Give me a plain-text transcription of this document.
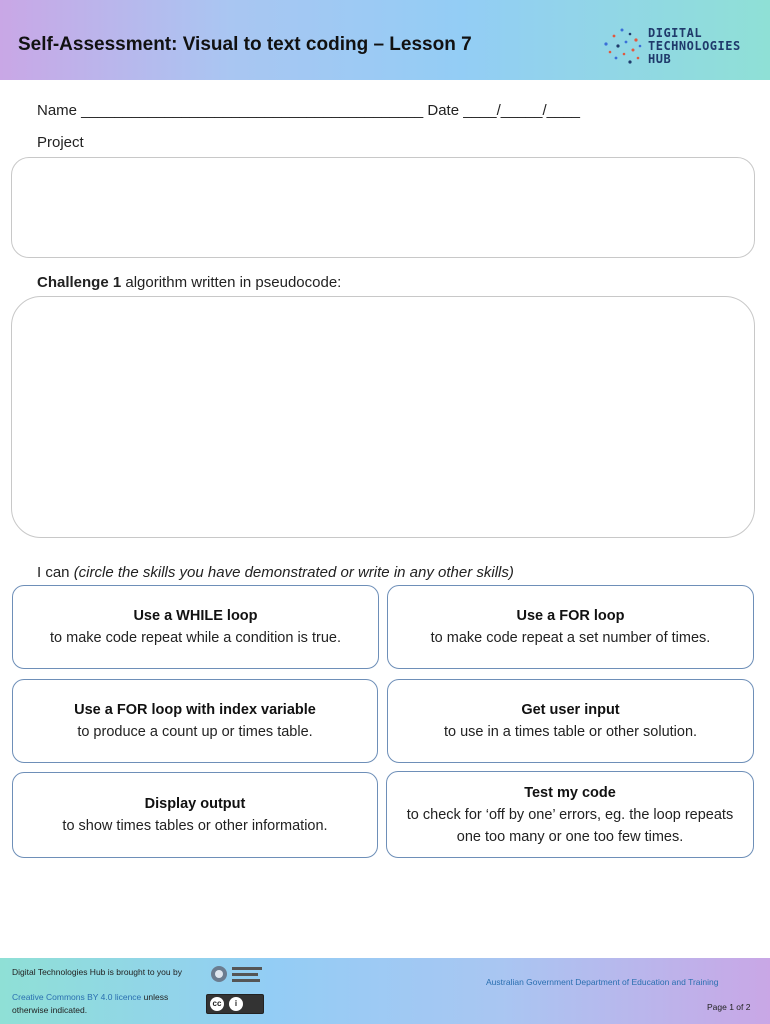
Self-Assessment: Visual to text coding – Lesson 7
DIGITAL
TECHNOLOGIES
HUB
Name _________________________________________ Date ____/_____/____
Project
Challenge 1 algorithm written in pseudocode:
I can (circle the skills you have demonstrated or write in any other skills)
Use a WHILE loop
to make code repeat while a condition is true.
Use a FOR loop
to make code repeat a set number of times.
Use a FOR loop with index variable
to produce a count up or times table.
Get user input
to use in a times table or other solution.
Display output
to show times tables or other information.
Test my code
to check for ‘off by one’ errors, eg. the loop repeats one too many or one too few times.
Digital Technologies Hub is brought to you by
Creative Commons BY 4.0 licence unless
otherwise indicated.
cc	i
Australian Government Department of Education and Training
Page 1 of 2
